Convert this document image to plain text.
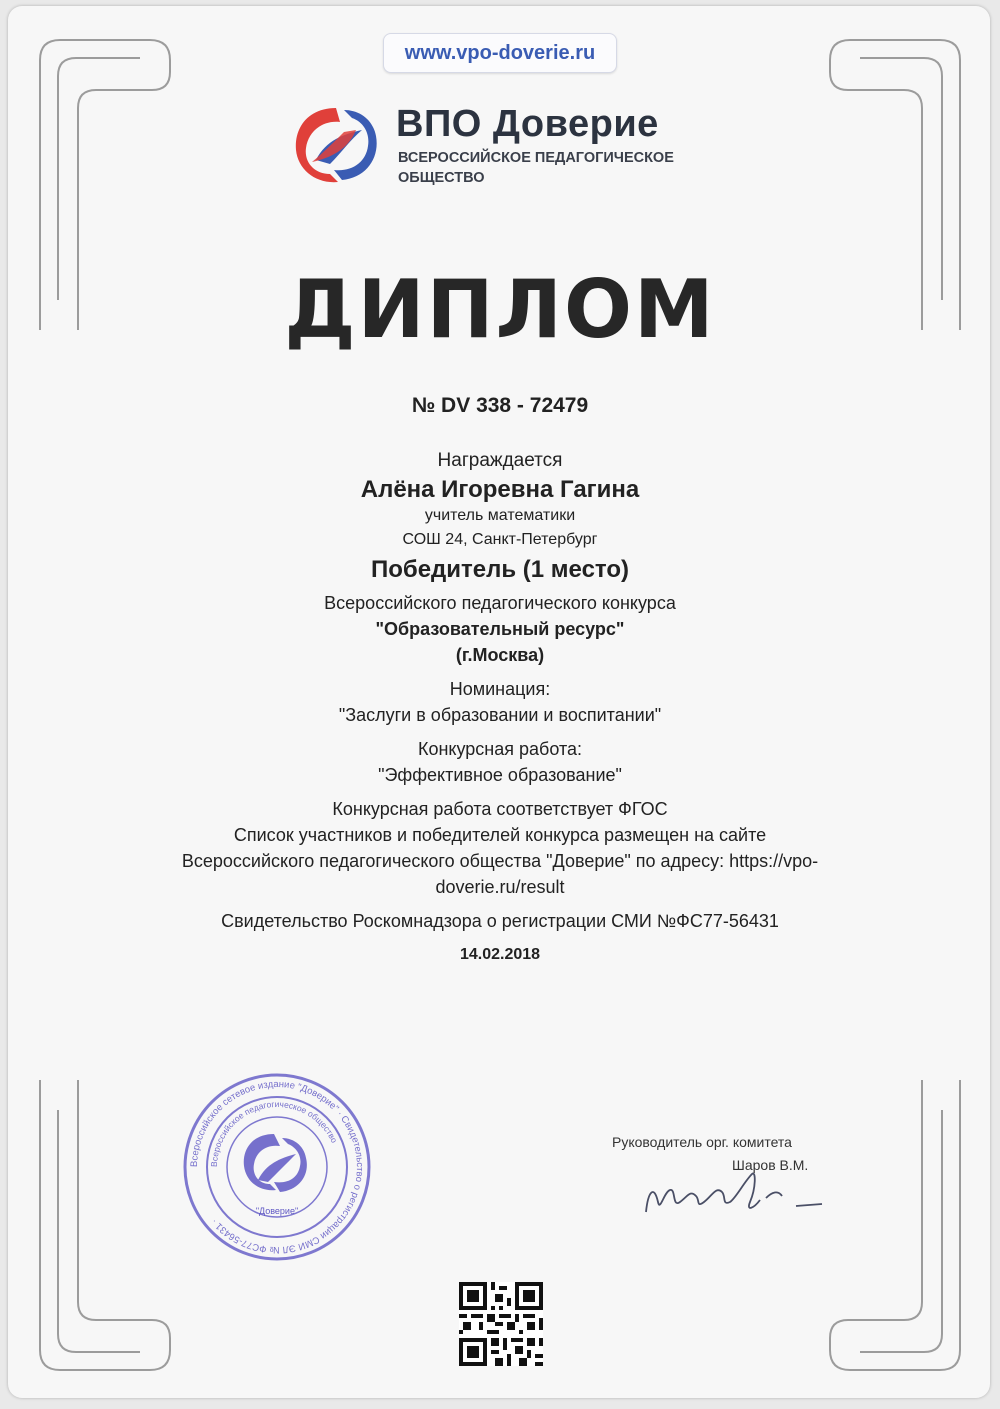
www.vpo-doverie.ru
ВПО Доверие
ВСЕРОССИЙСКОЕ ПЕДАГОГИЧЕСКОЕ ОБЩЕСТВО
ДИПЛОМ
№ DV 338 - 72479
Награждается
Алёна Игоревна Гагина
учитель математики
СОШ 24, Санкт-Петербург
Победитель (1 место)
Всероссийского педагогического конкурса
"Образовательный ресурс"
(г.Москва)
Номинация:
"Заслуги в образовании и воспитании"
Конкурсная работа:
"Эффективное образование"
Конкурсная работа соответствует ФГОС
Список участников и победителей конкурса размещен на сайте
Всероссийского педагогического общества "Доверие" по адресу: https://vpo-
doverie.ru/result
Свидетельство Роскомнадзора о регистрации СМИ №ФС77-56431
14.02.2018
Всероссийское сетевое издание "Доверие" · Свидетельство о регистрации СМИ ЭЛ № ФС77-56431 ·
Всероссийское педагогическое общество
"Доверие"
Руководитель орг. комитета
Шаров В.М.
